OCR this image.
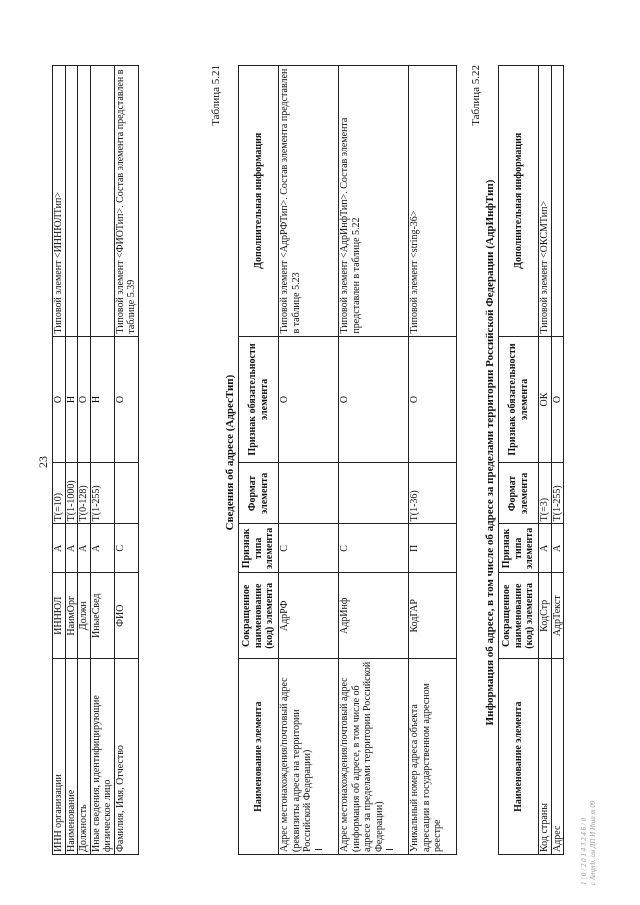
23
ИНН организации	ИННЮЛ	А	T(=10)	О	Типовой элемент <ИННЮЛТип>
Наименование	НаимОрг	А	T(1-1000)	Н	
Должность	Должн	А	T(0-128)	О	
Иные сведения, идентифицирующие физическое лицо	ИныеСвед	А	T(1-255)	Н	
Фамилия, Имя, Отчество	ФИО	С		О	Типовой элемент <ФИОТип>. Состав элемента представлен в таблице 5.39
Таблица 5.21
Сведения об адресе (АдресТип)
Наименование элемента	Сокращенное наименование (код) элемента	Признак типа элемента	Формат элемента	Признак обязательности элемента	Дополнительная информация
Адрес местонахождения/почтовый адрес (реквизиты адреса на территории Российской Федерации)	АдрРФ	С		О	Типовой элемент <АдрРФТип>. Состав элемента представлен в таблице 5.23
Адрес местонахождения/почтовый адрес (информация об адресе, в том числе об адресе за пределами территории Российской Федерации)	АдрИнф	С		О	Типовой элемент <АдрИнфТип>. Состав элемента представлен в таблице 5.22
Уникальный номер адреса объекта адресации в государственном адресном реестре	КодГАР	П	T(1-36)	О	Типовой элемент <string-36>
Таблица 5.22
Информация об адресе, в том числе об адресе за пределами территории Российской Федерации (АдрИнфТип)
Наименование элемента	Сокращенное наименование (код) элемента	Признак типа элемента	Формат элемента	Признак обязательности элемента	Дополнительная информация
Код страны	КодСтр	А	T(=3)	ОК	Типовой элемент <ОКСМТип>
Адрес	АдрТекст	А	T(1-255)	О	
1 | 0 / 2 0 1 4 3 2 4 6 / 0 с Amprb. ом ДП И Иша т 09
